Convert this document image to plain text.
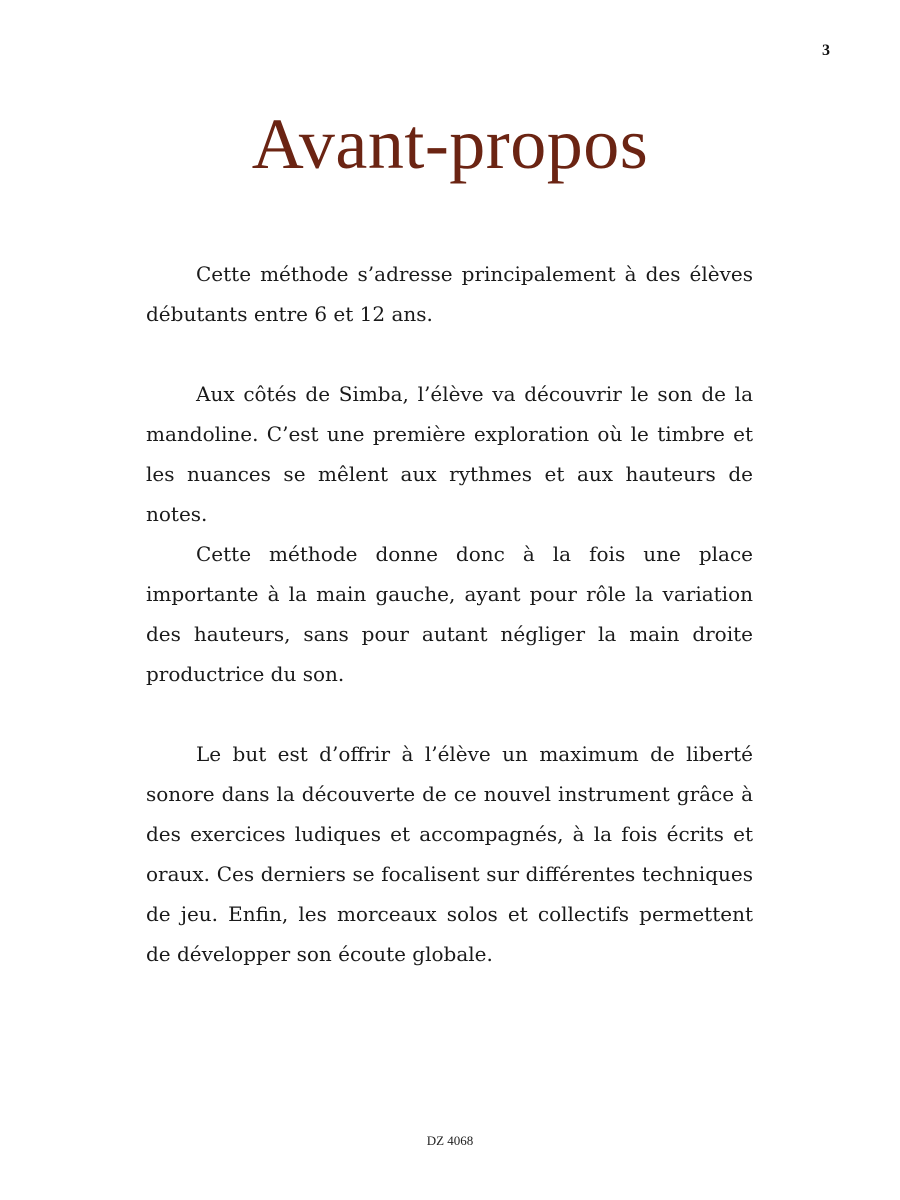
3
Avant-propos

Cette méthode s’adresse principalement à des élèves débutants entre 6 et 12 ans.

Aux côtés de Simba, l’élève va découvrir le son de la mandoline. C’est une première exploration où le timbre et les nuances se mêlent aux rythmes et aux hauteurs de notes.

Cette méthode donne donc à la fois une place importante à la main gauche, ayant pour rôle la variation des hauteurs, sans pour autant négliger la main droite productrice du son.

Le but est d’offrir à l’élève un maximum de liberté sonore dans la découverte de ce nouvel instrument grâce à des exercices ludiques et accompagnés, à la fois écrits et oraux. Ces derniers se focalisent sur différentes techniques de jeu. Enfin, les morceaux solos et collectifs permettent de développer son écoute globale.

DZ 4068
